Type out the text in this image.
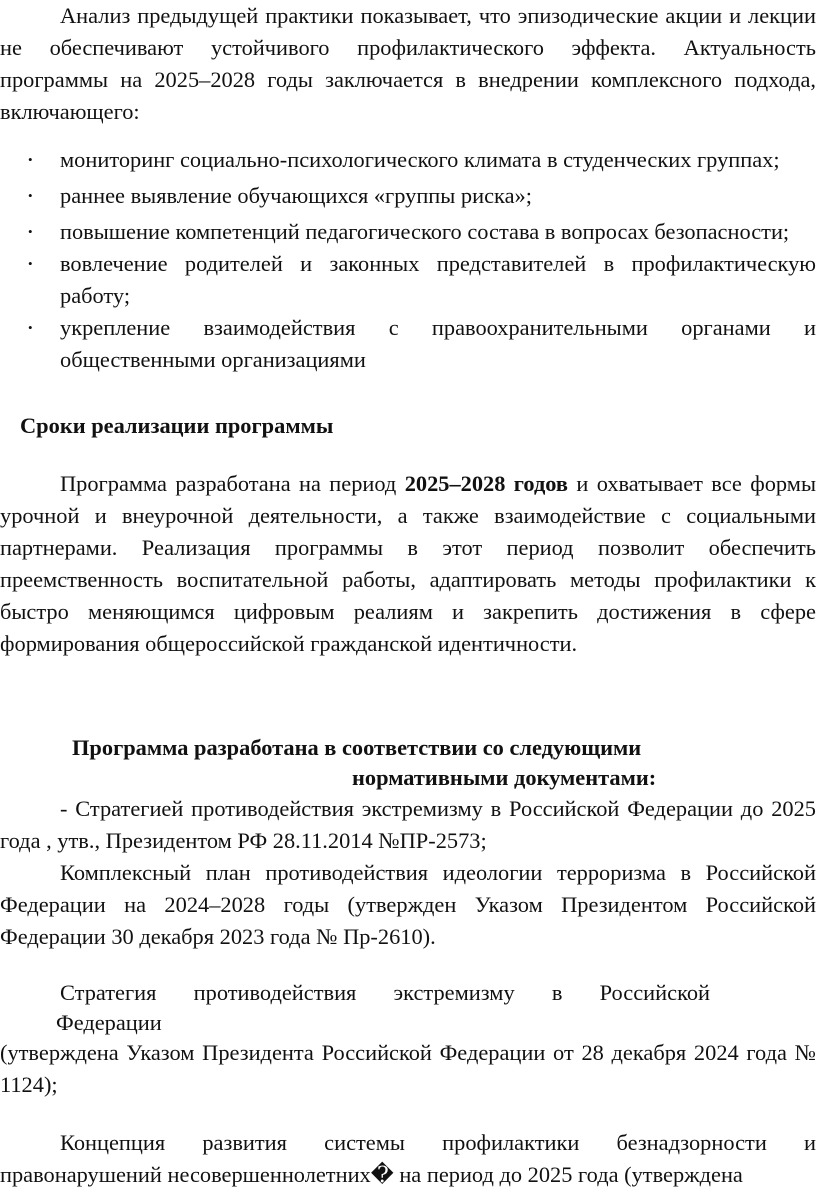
Анализ предыдущей практики показывает, что эпизодические акции и лекции не обеспечивают устойчивого профилактического эффекта. Актуальность программы на 2025–2028 годы заключается в внедрении комплексного подхода, включающего:

• мониторинг социально-психологического климата в студенческих группах;
• раннее выявление обучающихся «группы риска»;
• повышение компетенций педагогического состава в вопросах безопасности;
• вовлечение родителей и законных представителей в профилактическую работу;
• укрепление взаимодействия с правоохранительными органами и общественными организациями
Сроки реализации программы

Программа разработана на период 2025–2028 годов и охватывает все формы урочной и внеурочной деятельности, а также взаимодействие с социальными партнерами. Реализация программы в этот период позволит обеспечить преемственность воспитательной работы, адаптировать методы профилактики к быстро меняющимся цифровым реалиям и закрепить достижения в сфере формирования общероссийской гражданской идентичности.

Программа разработана в соответствии со следующими
нормативными документами:

- Стратегией противодействия экстремизму в Российской Федерации до 2025 года , утв., Президентом РФ 28.11.2014 №ПР-2573;

Комплексный план противодействия идеологии терроризма в Российской Федерации на 2024–2028 годы (утвержден Указом Президентом Российской Федерации 30 декабря 2023 года № Пр-2610).

Стратегия противодействия экстремизму в Российской
Федерации

(утверждена Указом Президента Российской Федерации от 28 декабря 2024 года № 1124);

Концепция развития системы профилактики безнадзорности и правонарушений несовершеннолетних� на период до 2025 года (утверждена
